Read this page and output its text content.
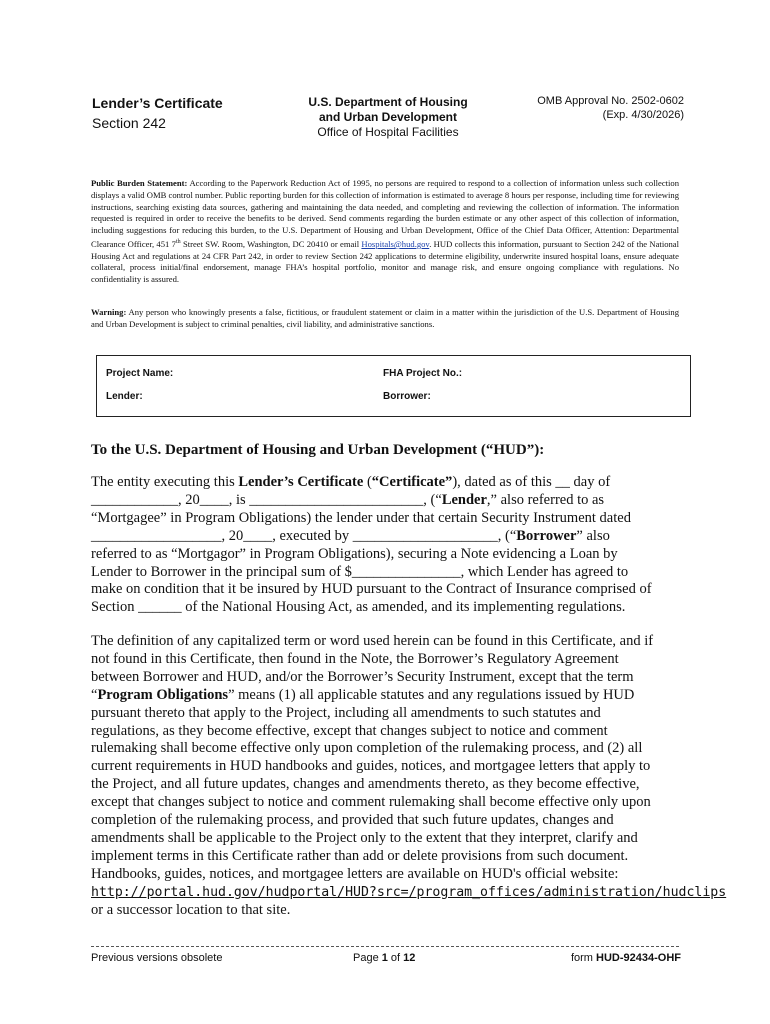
Lender’s Certificate
Section 242
U.S. Department of Housing
and Urban Development
Office of Hospital Facilities
OMB Approval No. 2502-0602
(Exp. 4/30/2026)
Public Burden Statement: According to the Paperwork Reduction Act of 1995, no persons are required to respond to a collection of information unless such collection displays a valid OMB control number. Public reporting burden for this collection of information is estimated to average 8 hours per response, including time for reviewing instructions, searching existing data sources, gathering and maintaining the data needed, and completing and reviewing the collection of information. The information requested is required in order to receive the benefits to be derived. Send comments regarding the burden estimate or any other aspect of this collection of information, including suggestions for reducing this burden, to the U.S. Department of Housing and Urban Development, Office of the Chief Data Officer, Attention: Departmental Clearance Officer, 451 7th Street SW. Room, Washington, DC 20410 or email Hospitals@hud.gov. HUD collects this information, pursuant to Section 242 of the National Housing Act and regulations at 24 CFR Part 242, in order to review Section 242 applications to determine eligibility, underwrite insured hospital loans, ensure adequate collateral, process initial/final endorsement, manage FHA’s hospital portfolio, monitor and manage risk, and ensure ongoing compliance with regulations. No confidentiality is assured.
Warning: Any person who knowingly presents a false, fictitious, or fraudulent statement or claim in a matter within the jurisdiction of the U.S. Department of Housing and Urban Development is subject to criminal penalties, civil liability, and administrative sanctions.
Project Name:	FHA Project No.:
Lender:	Borrower:
To the U.S. Department of Housing and Urban Development (“HUD”):
The entity executing this Lender’s Certificate (“Certificate”), dated as of this __ day of
____________, 20____, is ________________________, (“Lender,” also referred to as
“Mortgagee” in Program Obligations) the lender under that certain Security Instrument dated
__________________, 20____, executed by ____________________, (“Borrower” also
referred to as “Mortgagor” in Program Obligations), securing a Note evidencing a Loan by
Lender to Borrower in the principal sum of $_______________, which Lender has agreed to
make on condition that it be insured by HUD pursuant to the Contract of Insurance comprised of
Section ______ of the National Housing Act, as amended, and its implementing regulations.
The definition of any capitalized term or word used herein can be found in this Certificate, and if
not found in this Certificate, then found in the Note, the Borrower’s Regulatory Agreement
between Borrower and HUD, and/or the Borrower’s Security Instrument, except that the term
“Program Obligations” means (1) all applicable statutes and any regulations issued by HUD
pursuant thereto that apply to the Project, including all amendments to such statutes and
regulations, as they become effective, except that changes subject to notice and comment
rulemaking shall become effective only upon completion of the rulemaking process, and (2) all
current requirements in HUD handbooks and guides, notices, and mortgagee letters that apply to
the Project, and all future updates, changes and amendments thereto, as they become effective,
except that changes subject to notice and comment rulemaking shall become effective only upon
completion of the rulemaking process, and provided that such future updates, changes and
amendments shall be applicable to the Project only to the extent that they interpret, clarify and
implement terms in this Certificate rather than add or delete provisions from such document.
Handbooks, guides, notices, and mortgagee letters are available on HUD's official website:
http://portal.hud.gov/hudportal/HUD?src=/program_offices/administration/hudclips
or a successor location to that site.
Previous versions obsolete	Page 1 of 12	form HUD-92434-OHF
